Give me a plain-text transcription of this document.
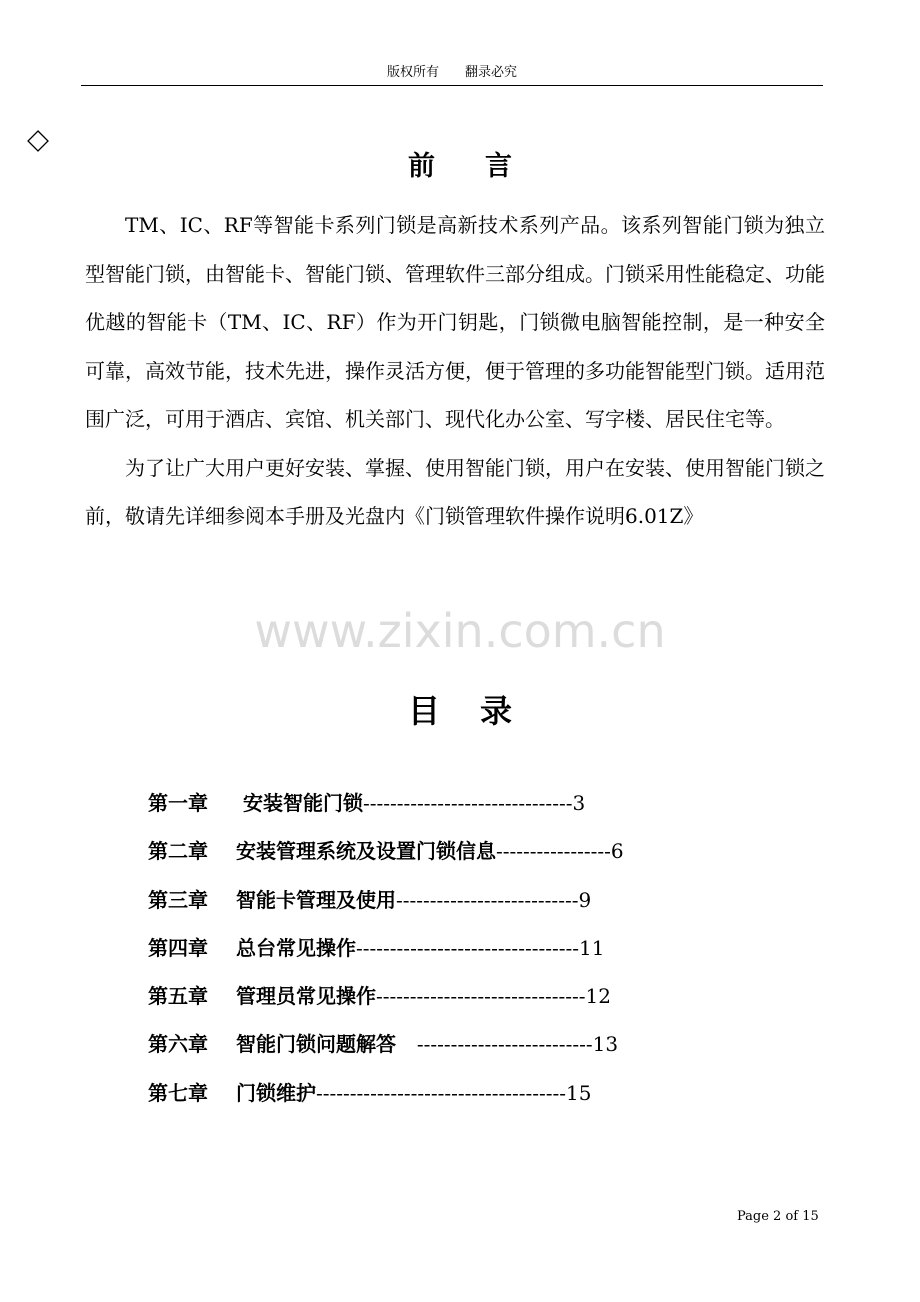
版权所有 翻录必究
前 言

TM、IC、RF等智能卡系列门锁是高新技术系列产品。该系列智能门锁为独立型智能门锁，由智能卡、智能门锁、管理软件三部分组成。门锁采用性能稳定、功能优越的智能卡（TM、IC、RF）作为开门钥匙，门锁微电脑智能控制，是一种安全可靠，高效节能，技术先进，操作灵活方便，便于管理的多功能智能型门锁。适用范围广泛，可用于酒店、宾馆、机关部门、现代化办公室、写字楼、居民住宅等。

为了让广大用户更好安装、掌握、使用智能门锁，用户在安装、使用智能门锁之前，敬请先详细参阅本手册及光盘内《门锁管理软件操作说明6.01Z》

www.zixin.com.cn
目 录
第一章 安装智能门锁-------------------------------3
第二章 安装管理系统及设置门锁信息-----------------6
第三章 智能卡管理及使用---------------------------9
第四章 总台常见操作---------------------------------11
第五章 管理员常见操作-------------------------------12
第六章 智能门锁问题解答   --------------------------13
第七章 门锁维护-------------------------------------15
Page 2 of 15
